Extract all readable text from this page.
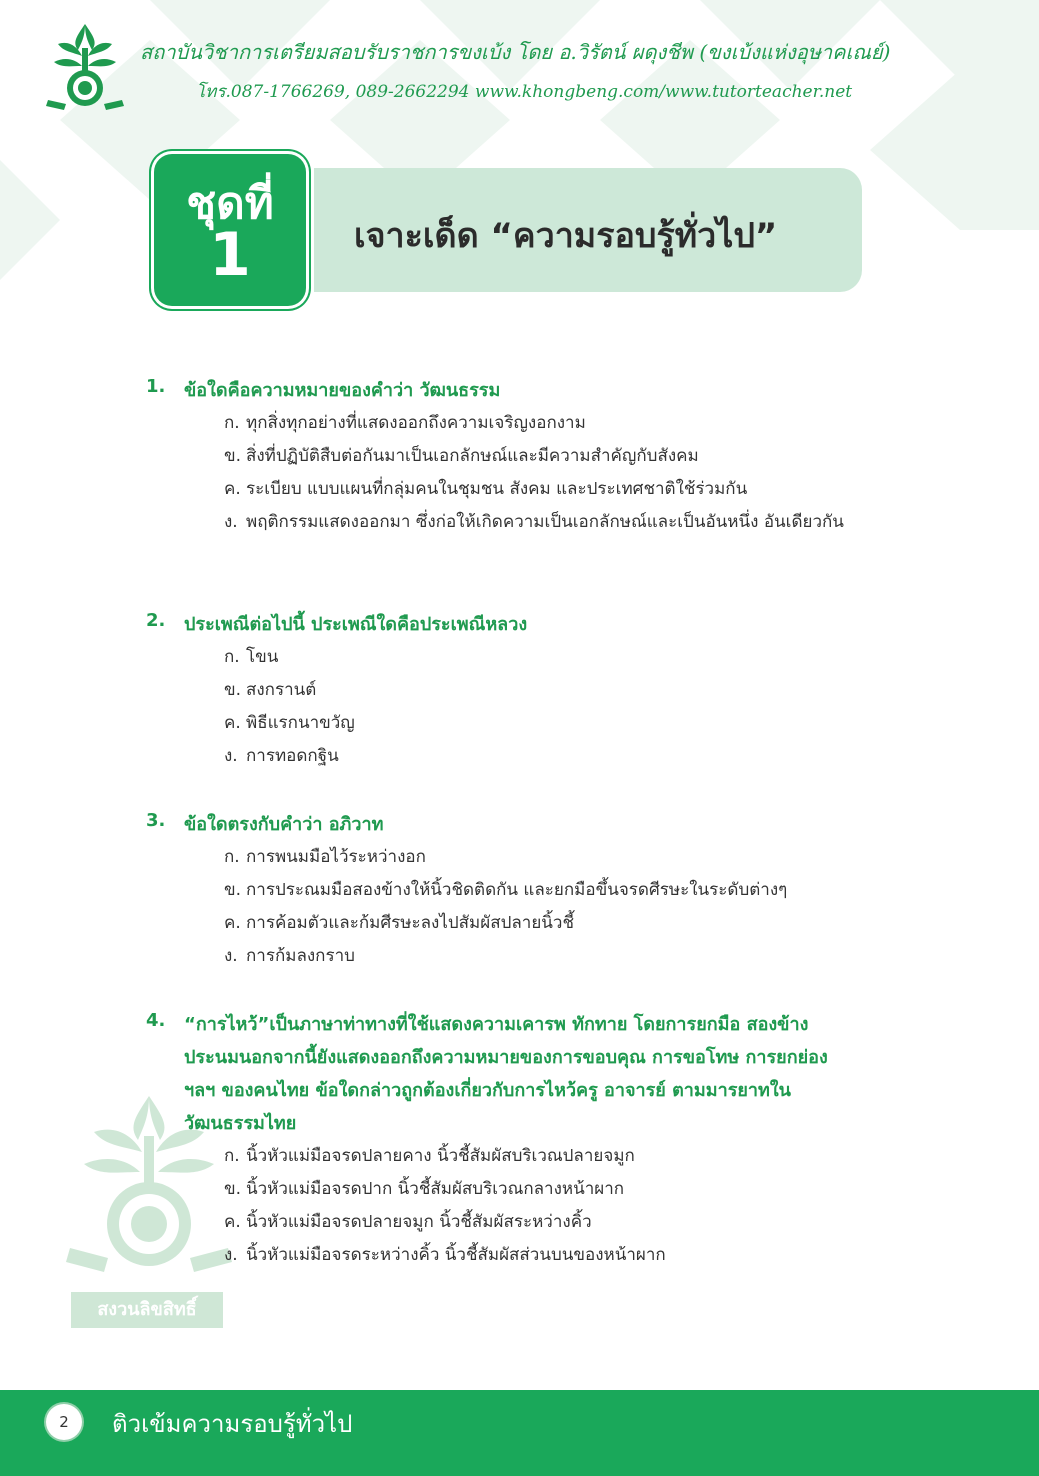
สถาบันวิชาการเตรียมสอบรับราชการขงเบ้ง โดย อ.วิรัตน์ ผดุงชีพ (ขงเบ้งแห่งอุษาคเณย์)
โทร.087-1766269, 089-2662294 www.khongbeng.com/www.tutorteacher.net
ชุดที่
1	เจาะเด็ด “ความรอบรู้ทั่วไป”
สงวนลิขสิทธิ์
1. ข้อใดคือความหมายของคำว่า วัฒนธรรม
ก. ทุกสิ่งทุกอย่างที่แสดงออกถึงความเจริญงอกงาม
ข. สิ่งที่ปฏิบัติสืบต่อกันมาเป็นเอกลักษณ์และมีความสำคัญกับสังคม
ค. ระเบียบ แบบแผนที่กลุ่มคนในชุมชน สังคม และประเทศชาติใช้ร่วมกัน
ง. พฤติกรรมแสดงออกมา ซึ่งก่อให้เกิดความเป็นเอกลักษณ์และเป็นอันหนึ่ง อันเดียวกัน
2. ประเพณีต่อไปนี้ ประเพณีใดคือประเพณีหลวง
ก. โขน
ข. สงกรานต์
ค. พิธีแรกนาขวัญ
ง. การทอดกฐิน
3. ข้อใดตรงกับคำว่า อภิวาท
ก. การพนมมือไว้ระหว่างอก
ข. การประณมมือสองข้างให้นิ้วชิดติดกัน และยกมือขึ้นจรดศีรษะในระดับต่างๆ
ค. การค้อมตัวและก้มศีรษะลงไปสัมผัสปลายนิ้วชี้
ง. การก้มลงกราบ
4. “การไหว้”เป็นภาษาท่าทางที่ใช้แสดงความเคารพ ทักทาย โดยการยกมือ สองข้างประนมนอกจากนี้ยังแสดงออกถึงความหมายของการขอบคุณ การขอโทษ การยกย่อง ฯลฯ ของคนไทย ข้อใดกล่าวถูกต้องเกี่ยวกับการไหว้ครู อาจารย์ ตามมารยาทในวัฒนธรรมไทย
ก. นิ้วหัวแม่มือจรดปลายคาง นิ้วชี้สัมผัสบริเวณปลายจมูก
ข. นิ้วหัวแม่มือจรดปาก นิ้วชี้สัมผัสบริเวณกลางหน้าผาก
ค. นิ้วหัวแม่มือจรดปลายจมูก นิ้วชี้สัมผัสระหว่างคิ้ว
ง. นิ้วหัวแม่มือจรดระหว่างคิ้ว นิ้วชี้สัมผัสส่วนบนของหน้าผาก
2	ติวเข้มความรอบรู้ทั่วไป
